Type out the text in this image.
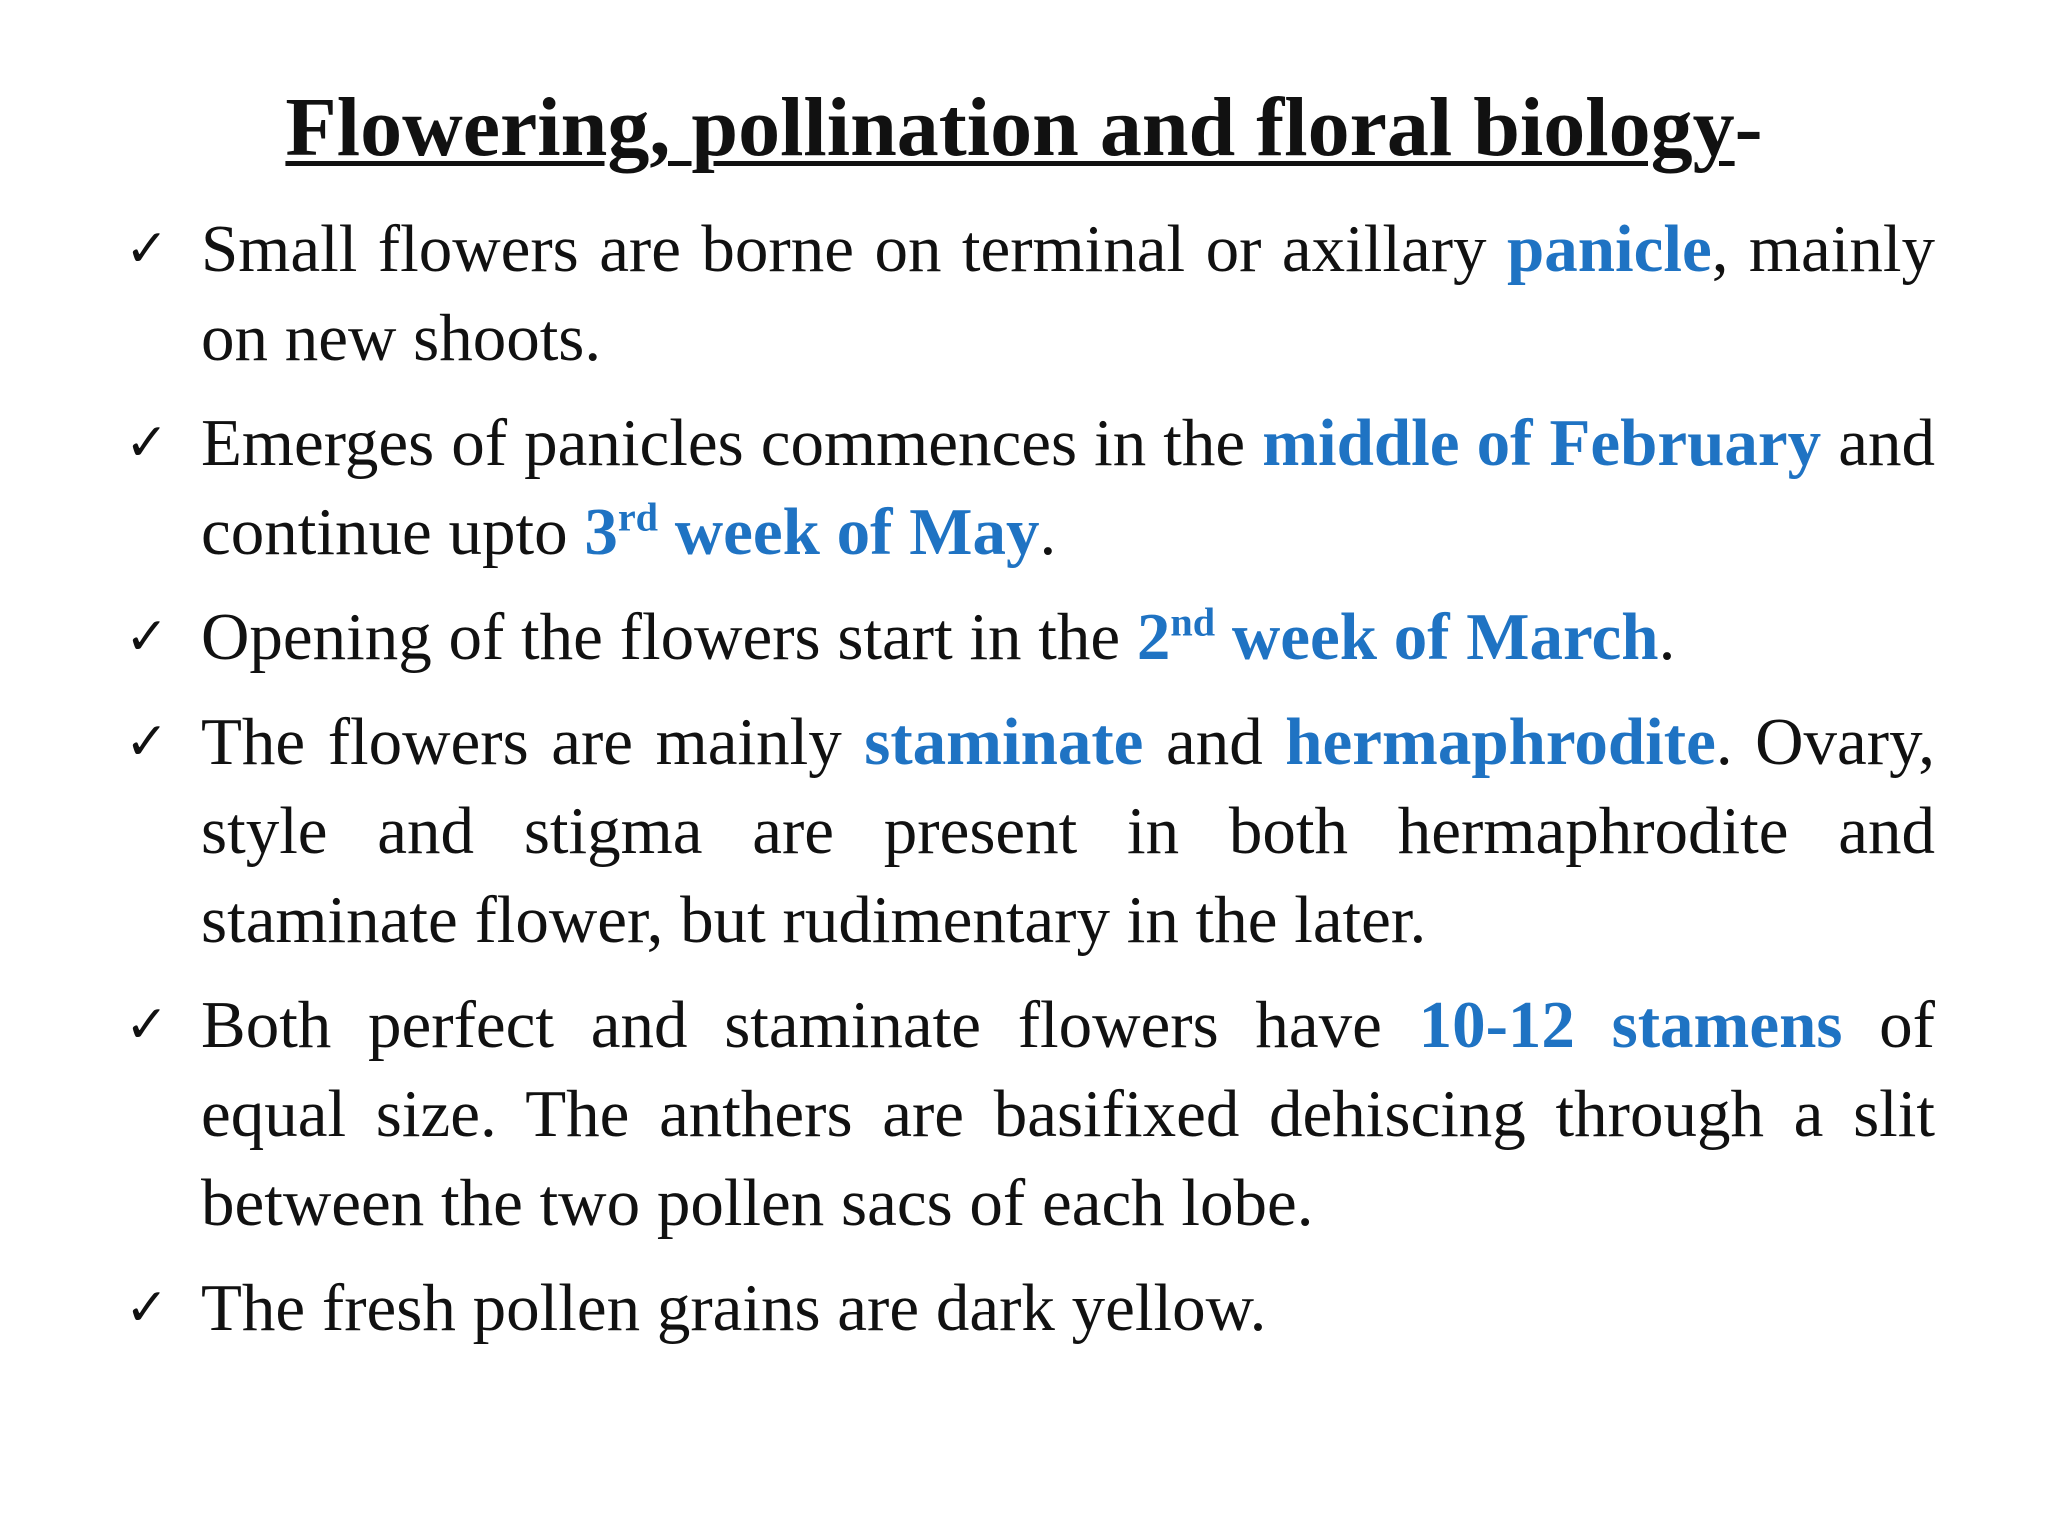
Flowering, pollination and floral biology-
✓ Small flowers are borne on terminal or axillary panicle, mainly on new shoots.
✓ Emerges of panicles commences in the middle of February and continue upto 3rd week of May.
✓ Opening of the flowers start in the 2nd week of March.
✓ The flowers are mainly staminate and hermaphrodite. Ovary, style and stigma are present in both hermaphrodite and staminate flower, but rudimentary in the later.
✓ Both perfect and staminate flowers have 10-12 stamens of equal size. The anthers are basifixed dehiscing through a slit between the two pollen sacs of each lobe.
✓ The fresh pollen grains are dark yellow.
